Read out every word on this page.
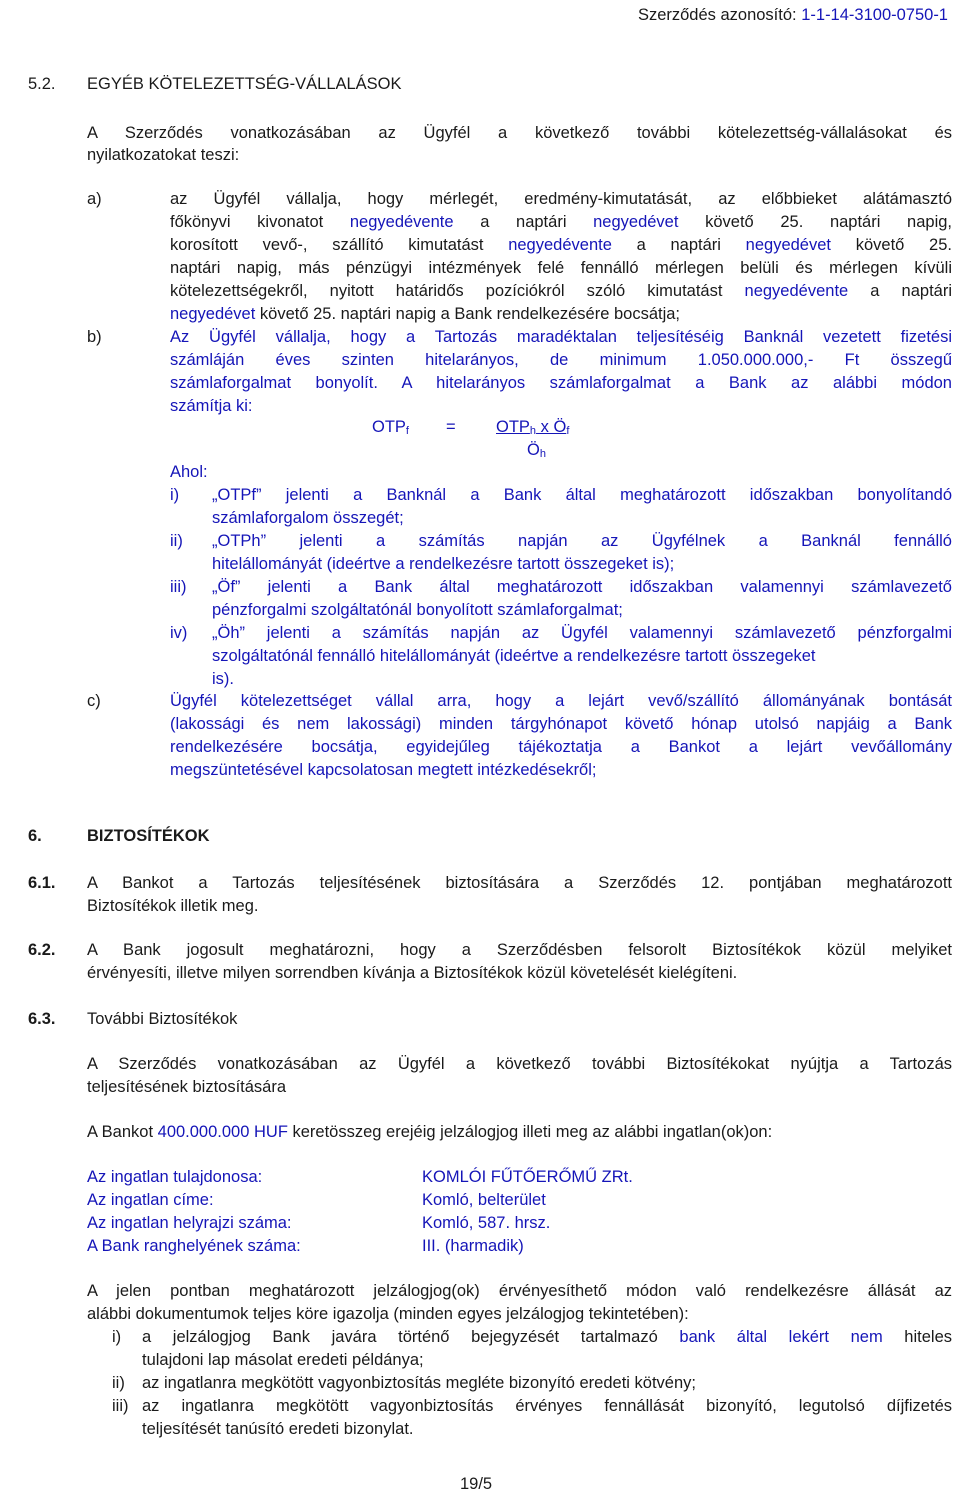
Szerződés azonosító: 1-1-14-3100-0750-1
5.2. EGYÉB KÖTELEZETTSÉG-VÁLLALÁSOK
A Szerződés vonatkozásában az Ügyfél a következő további kötelezettség-vállalásokat és
nyilatkozatokat teszi:
a)	az Ügyfél vállalja, hogy mérlegét, eredmény-kimutatását, az előbbieket alátámasztó
főkönyvi kivonatot negyedévente a naptári negyedévet követő 25. naptári napig,
korosított vevő-, szállító kimutatást negyedévente a naptári negyedévet követő 25.
naptári napig, más pénzügyi intézmények felé fennálló mérlegen belüli és mérlegen kívüli
kötelezettségekről, nyitott határidős pozíciókról szóló kimutatást negyedévente a naptári
negyedévet követő 25. naptári napig a Bank rendelkezésére bocsátja;
b)	Az Ügyfél vállalja, hogy a Tartozás maradéktalan teljesítéséig Banknál vezetett fizetési
számláján éves szinten hitelarányos, de minimum 1.050.000.000,- Ft összegű
számlaforgalmat bonyolít. A hitelarányos számlaforgalmat a Bank az alábbi módon
számítja ki:
OTPf = OTPh x Öf
Öh
Ahol:
i) „OTPf” jelenti a Banknál a Bank által meghatározott időszakban bonyolítandó
számlaforgalom összegét;
ii) „OTPh” jelenti a számítás napján az Ügyfélnek a Banknál fennálló
hitelállományát (ideértve a rendelkezésre tartott összegeket is);
iii) „Öf” jelenti a Bank által meghatározott időszakban valamennyi számlavezető
pénzforgalmi szolgáltatónál bonyolított számlaforgalmat;
iv) „Öh” jelenti a számítás napján az Ügyfél valamennyi számlavezető pénzforgalmi
szolgáltatónál fennálló hitelállományát (ideértve a rendelkezésre tartott összegeket
is).
c)	Ügyfél kötelezettséget vállal arra, hogy a lejárt vevő/szállító állományának bontását
(lakossági és nem lakossági) minden tárgyhónapot követő hónap utolsó napjáig a Bank
rendelkezésére bocsátja, egyidejűleg tájékoztatja a Bankot a lejárt vevőállomány
megszüntetésével kapcsolatosan megtett intézkedésekről;
6.	BIZTOSÍTÉKOK
6.1. A Bankot a Tartozás teljesítésének biztosítására a Szerződés 12. pontjában meghatározott
Biztosítékok illetik meg.
6.2. A Bank jogosult meghatározni, hogy a Szerződésben felsorolt Biztosítékok közül melyiket
érvényesíti, illetve milyen sorrendben kívánja a Biztosítékok közül követelését kielégíteni.
6.3. További Biztosítékok
A Szerződés vonatkozásában az Ügyfél a következő további Biztosítékokat nyújtja a Tartozás
teljesítésének biztosítására
A Bankot 400.000.000 HUF keretösszeg erejéig jelzálogjog illeti meg az alábbi ingatlan(ok)on:
Az ingatlan tulajdonosa:	KOMLÓI FŰTŐERŐMŰ ZRt.
Az ingatlan címe:	Komló, belterület
Az ingatlan helyrajzi száma:	Komló, 587. hrsz.
A Bank ranghelyének száma:	III. (harmadik)
A jelen pontban meghatározott jelzálogjog(ok) érvényesíthető módon való rendelkezésre állását az
alábbi dokumentumok teljes köre igazolja (minden egyes jelzálogjog tekintetében):
i) a jelzálogjog Bank javára történő bejegyzését tartalmazó bank által lekért nem hiteles
tulajdoni lap másolat eredeti példánya;
ii) az ingatlanra megkötött vagyonbiztosítás megléte bizonyító eredeti kötvény;
iii) az ingatlanra megkötött vagyonbiztosítás érvényes fennállását bizonyító, legutolsó díjfizetés
teljesítését tanúsító eredeti bizonylat.
19/5
